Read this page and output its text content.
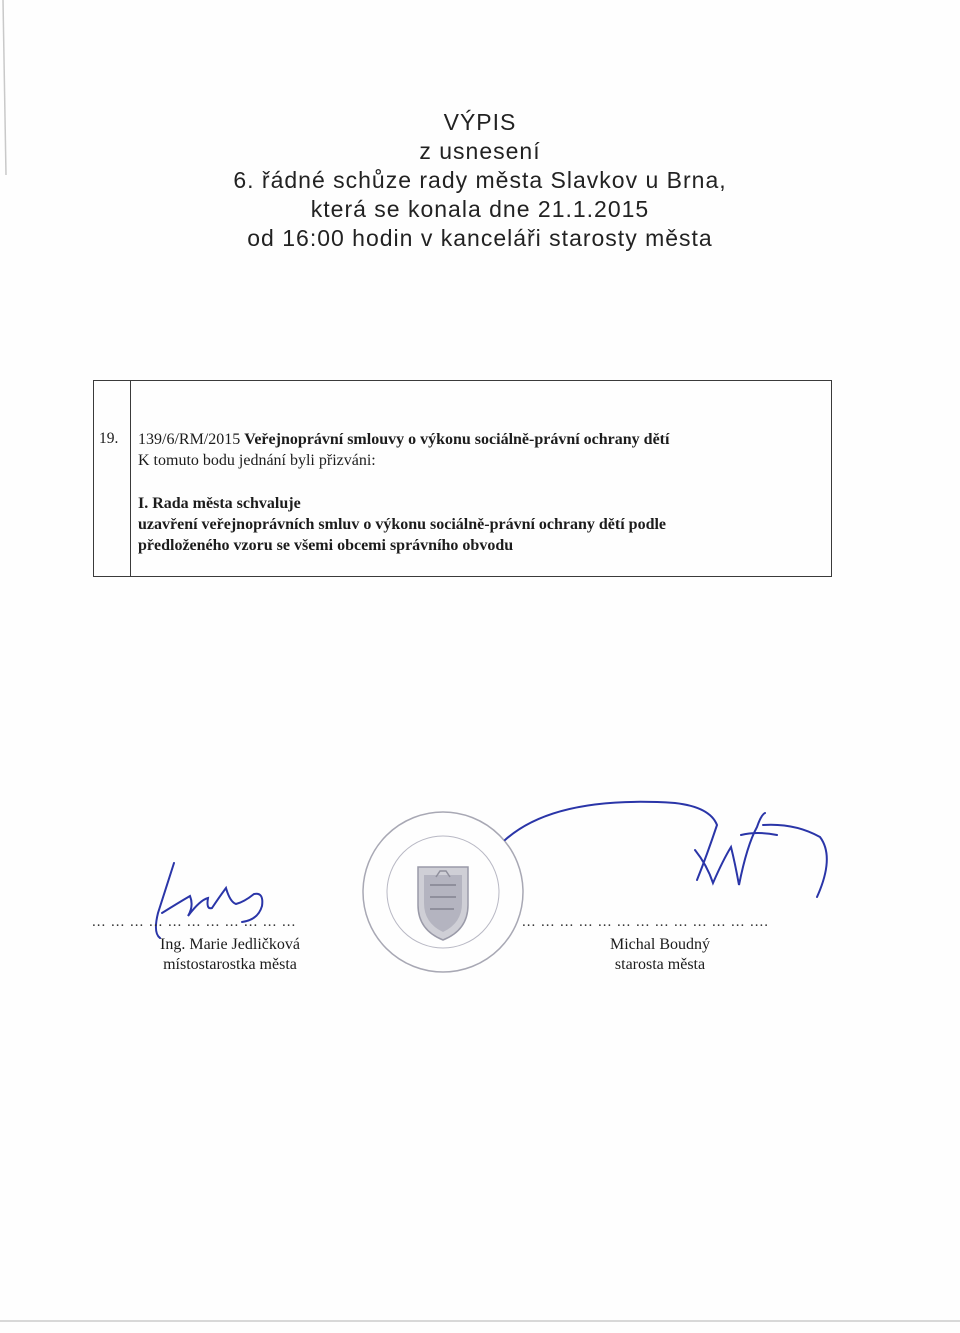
VÝPIS
z usnesení
6. řádné schůze rady města Slavkov u Brna,
která se konala dne 21.1.2015
od 16:00 hodin v kanceláři starosty města
19. 139/6/RM/2015 Veřejnoprávní smlouvy o výkonu sociálně-právní ochrany dětí
K tomuto bodu jednání byli přizváni:
I. Rada města schvaluje
uzavření veřejnoprávních smluv o výkonu sociálně-právní ochrany dětí podle
předloženého vzoru se všemi obcemi správního obvodu
... ... ... ... ... ... ... ... ... ... ...
Ing. Marie Jedličková
místostarostka města
... ... ... ... ... ... ... ... ... ... ... ... ....
Michal Boudný
starosta města
